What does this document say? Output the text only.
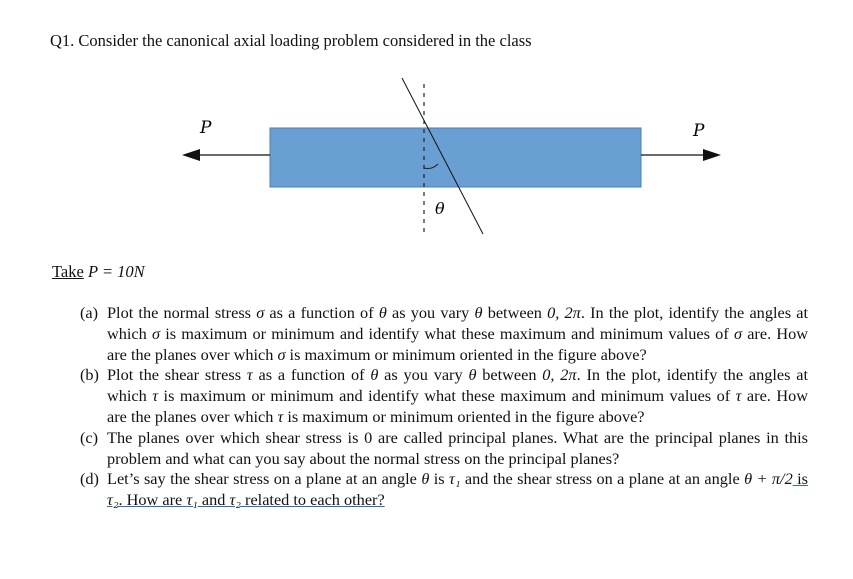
Q1. Consider the canonical axial loading problem considered in the class
P	P
θ
Take P = 10N
(a) Plot the normal stress σ as a function of θ as you vary θ between 0, 2π. In the plot, identify the angles at which σ is maximum or minimum and identify what these maximum and minimum values of σ are. How are the planes over which σ is maximum or minimum oriented in the figure above?
(b) Plot the shear stress τ as a function of θ as you vary θ between 0, 2π. In the plot, identify the angles at which τ is maximum or minimum and identify what these maximum and minimum values of τ are. How are the planes over which τ is maximum or minimum oriented in the figure above?
(c) The planes over which shear stress is 0 are called principal planes. What are the principal planes in this problem and what can you say about the normal stress on the principal planes?
(d) Let’s say the shear stress on a plane at an angle θ is τ₁ and the shear stress on a plane at an angle θ + π/2 is τ₂. How are τ₁ and τ₂ related to each other?
